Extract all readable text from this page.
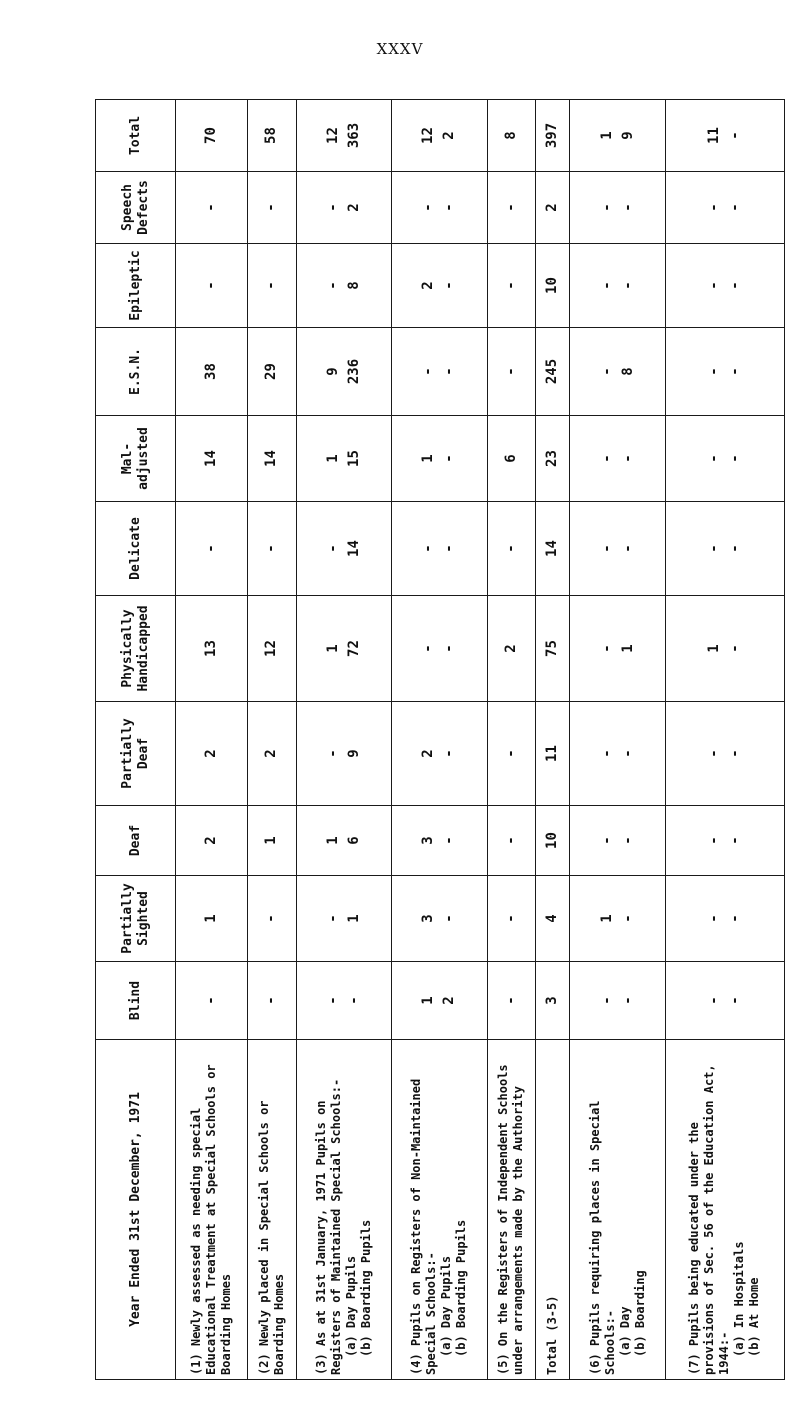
XXXV
Year Ended 31st December, 1971	Blind	Partially Sighted	Deaf	Partially Deaf	Physically Handicapped	Delicate	Mal-adjusted	E.S.N.	Epileptic	Speech Defects	Total
(1) Newly assessed as needing special Educational Treatment at Special Schools or Boarding Homes	-	1	2	2	13	-	14	38	-	-	70

(2) Newly placed in Special Schools or Boarding Homes	-	-	1	2	12	-	14	29	-	-	58

(3) As at 31st January, 1971 Pupils on Registers of Maintained Special Schools:- (a) Day Pupils (b) Boarding Pupils	- -	- 1	1 6	- 9	1 72	- 14	1 15	9 236	- 8	- 2	12 363

(4) Pupils on Registers of Non-Maintained Special Schools:- (a) Day Pupils (b) Boarding Pupils	1 2	3 -	3 -	2 -	- -	- -	1 -	- -	2 -	- -	12 2

(5) On the Registers of Independent Schools under arrangements made by the Authority	-	-	-	-	2	-	6	-	-	-	8

Total (3-5)	3	4	10	11	75	14	23	245	10	2	397

(6) Pupils requiring places in Special Schools:- (a) Day (b) Boarding	- -	1 -	- -	- -	- 1	- -	- -	- 8	- -	- -	1 9

(7) Pupils being educated under the provisions of Sec. 56 of the Education Act, 1944:- (a) In Hospitals (b) At Home	- -	- -	- -	- -	1 -	- -	- -	- -	- -	- -	11 -
